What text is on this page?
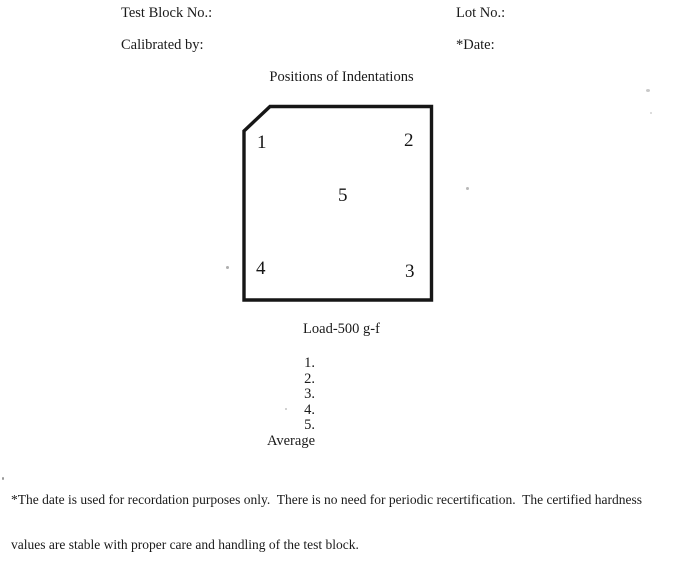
Test Block No.:	Lot No.:
Calibrated by:	*Date:
Positions of Indentations
1	2
5
4	3
Load-500 g-f
1.
2.
3.
4.
5.
Average

*The date is used for recordation purposes only.  There is no need for periodic recertification.  The certified hardness

values are stable with proper care and handling of the test block.
